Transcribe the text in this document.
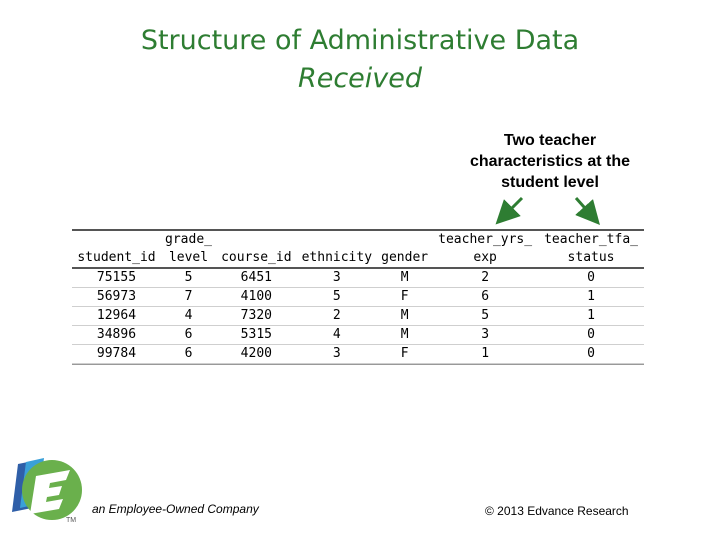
Structure of Administrative Data
Received
Two teacher
characteristics at the
student level
	grade_				teacher_yrs_	teacher_tfa_
student_id	level	course_id	ethnicity	gender	exp	status
75155	5	6451	3	M	2	0
56973	7	4100	5	F	6	1
12964	4	7320	2	M	5	1
34896	6	5315	4	M	3	0
99784	6	4200	3	F	1	0
TM
an Employee-Owned Company	© 2013 Edvance Research
